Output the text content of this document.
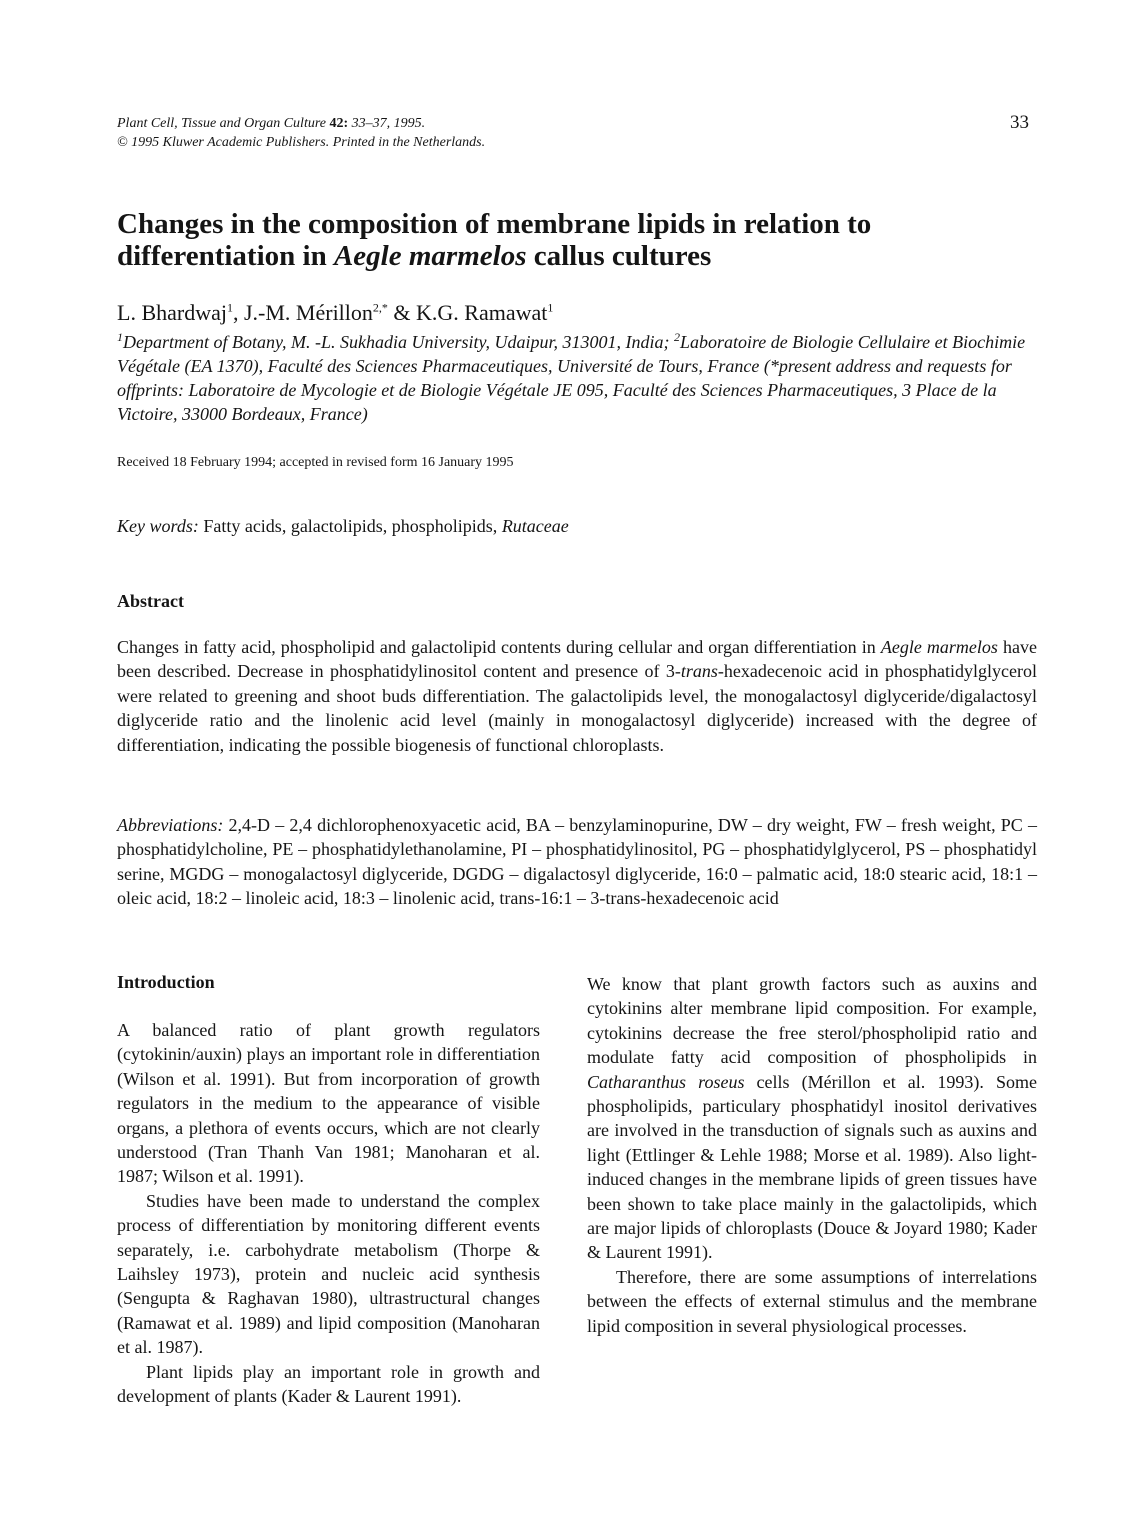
Plant Cell, Tissue and Organ Culture 42: 33–37, 1995.
© 1995 Kluwer Academic Publishers. Printed in the Netherlands.
33
Changes in the composition of membrane lipids in relation to differentiation in Aegle marmelos callus cultures
L. Bhardwaj$^1$, J.-M. Mérillon$^{2,*}$ & K.G. Ramawat$^1$
$^1$Department of Botany, M. -L. Sukhadia University, Udaipur, 313001, India; $^2$Laboratoire de Biologie Cellulaire et Biochimie Végétale (EA 1370), Faculté des Sciences Pharmaceutiques, Université de Tours, France (*present address and requests for offprints: Laboratoire de Mycologie et de Biologie Végétale JE 095, Faculté des Sciences Pharmaceutiques, 3 Place de la Victoire, 33000 Bordeaux, France)
Received 18 February 1994; accepted in revised form 16 January 1995
Key words: Fatty acids, galactolipids, phospholipids, Rutaceae
Abstract
Changes in fatty acid, phospholipid and galactolipid contents during cellular and organ differentiation in Aegle marmelos have been described. Decrease in phosphatidylinositol content and presence of 3-trans-hexadecenoic acid in phosphatidylglycerol were related to greening and shoot buds differentiation. The galactolipids level, the monogalactosyl diglyceride/digalactosyl diglyceride ratio and the linolenic acid level (mainly in monogalactosyl diglyceride) increased with the degree of differentiation, indicating the possible biogenesis of functional chloroplasts.
Abbreviations: 2,4-D – 2,4 dichlorophenoxyacetic acid, BA – benzylaminopurine, DW – dry weight, FW – fresh weight, PC – phosphatidylcholine, PE – phosphatidylethanolamine, PI – phosphatidylinositol, PG – phosphatidylglycerol, PS – phosphatidyl serine, MGDG – monogalactosyl diglyceride, DGDG – digalactosyl diglyceride, 16:0 – palmatic acid, 18:0 stearic acid, 18:1 – oleic acid, 18:2 – linoleic acid, 18:3 – linolenic acid, trans-16:1 – 3-trans-hexadecenoic acid
Introduction

A balanced ratio of plant growth regulators (cytokinin/auxin) plays an important role in differentiation (Wilson et al. 1991). But from incorporation of growth regulators in the medium to the appearance of visible organs, a plethora of events occurs, which are not clearly understood (Tran Thanh Van 1981; Manoharan et al. 1987; Wilson et al. 1991).

Studies have been made to understand the complex process of differentiation by monitoring different events separately, i.e. carbohydrate metabolism (Thorpe & Laihsley 1973), protein and nucleic acid synthesis (Sengupta & Raghavan 1980), ultrastructural changes (Ramawat et al. 1989) and lipid composition (Manoharan et al. 1987).

Plant lipids play an important role in growth and development of plants (Kader & Laurent 1991).

We know that plant growth factors such as auxins and cytokinins alter membrane lipid composition. For example, cytokinins decrease the free sterol/phospholipid ratio and modulate fatty acid composition of phospholipids in Catharanthus roseus cells (Mérillon et al. 1993). Some phospholipids, particulary phosphatidyl inositol derivatives are involved in the transduction of signals such as auxins and light (Ettlinger & Lehle 1988; Morse et al. 1989). Also light-induced changes in the membrane lipids of green tissues have been shown to take place mainly in the galactolipids, which are major lipids of chloroplasts (Douce & Joyard 1980; Kader & Laurent 1991).

Therefore, there are some assumptions of interrelations between the effects of external stimulus and the membrane lipid composition in several physiological processes.
